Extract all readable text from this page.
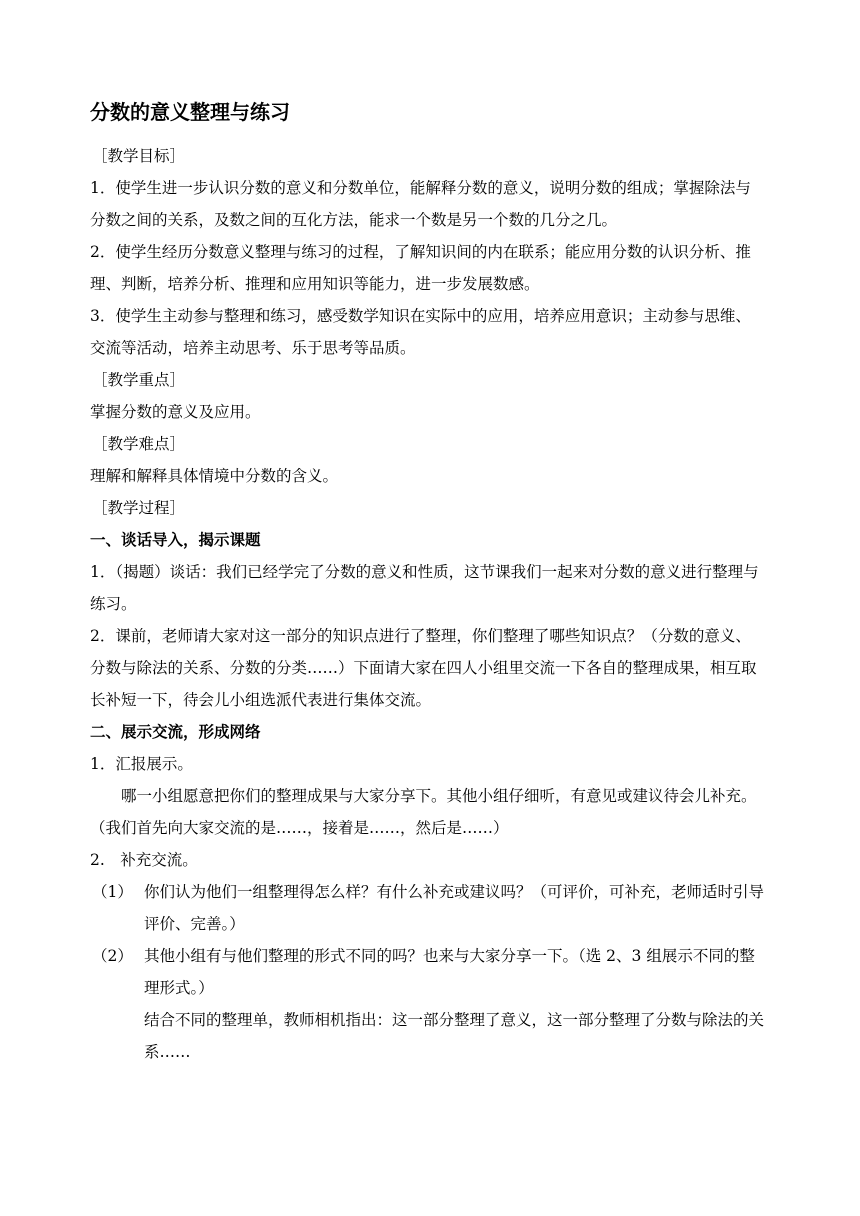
分数的意义整理与练习

［教学目标］

1．使学生进一步认识分数的意义和分数单位，能解释分数的意义，说明分数的组成；掌握除法与分数之间的关系，及数之间的互化方法，能求一个数是另一个数的几分之几。

2．使学生经历分数意义整理与练习的过程，了解知识间的内在联系；能应用分数的认识分析、推理、判断，培养分析、推理和应用知识等能力，进一步发展数感。

3．使学生主动参与整理和练习，感受数学知识在实际中的应用，培养应用意识；主动参与思维、交流等活动，培养主动思考、乐于思考等品质。

［教学重点］

掌握分数的意义及应用。

［教学难点］

理解和解释具体情境中分数的含义。

［教学过程］

一、谈话导入，揭示课题

1．（揭题）谈话：我们已经学完了分数的意义和性质，这节课我们一起来对分数的意义进行整理与练习。

2．课前，老师请大家对这一部分的知识点进行了整理，你们整理了哪些知识点？（分数的意义、分数与除法的关系、分数的分类……）下面请大家在四人小组里交流一下各自的整理成果，相互取长补短一下，待会儿小组选派代表进行集体交流。

二、展示交流，形成网络

1．汇报展示。

哪一小组愿意把你们的整理成果与大家分享下。其他小组仔细听，有意见或建议待会儿补充。（我们首先向大家交流的是……，接着是……，然后是……）

2.　补充交流。

（1） 你们认为他们一组整理得怎么样？有什么补充或建议吗？（可评价，可补充，老师适时引导评价、完善。）
（2） 其他小组有与他们整理的形式不同的吗？也来与大家分享一下。（选 2、3 组展示不同的整理形式。）

结合不同的整理单，教师相机指出：这一部分整理了意义，这一部分整理了分数与除法的关系……
